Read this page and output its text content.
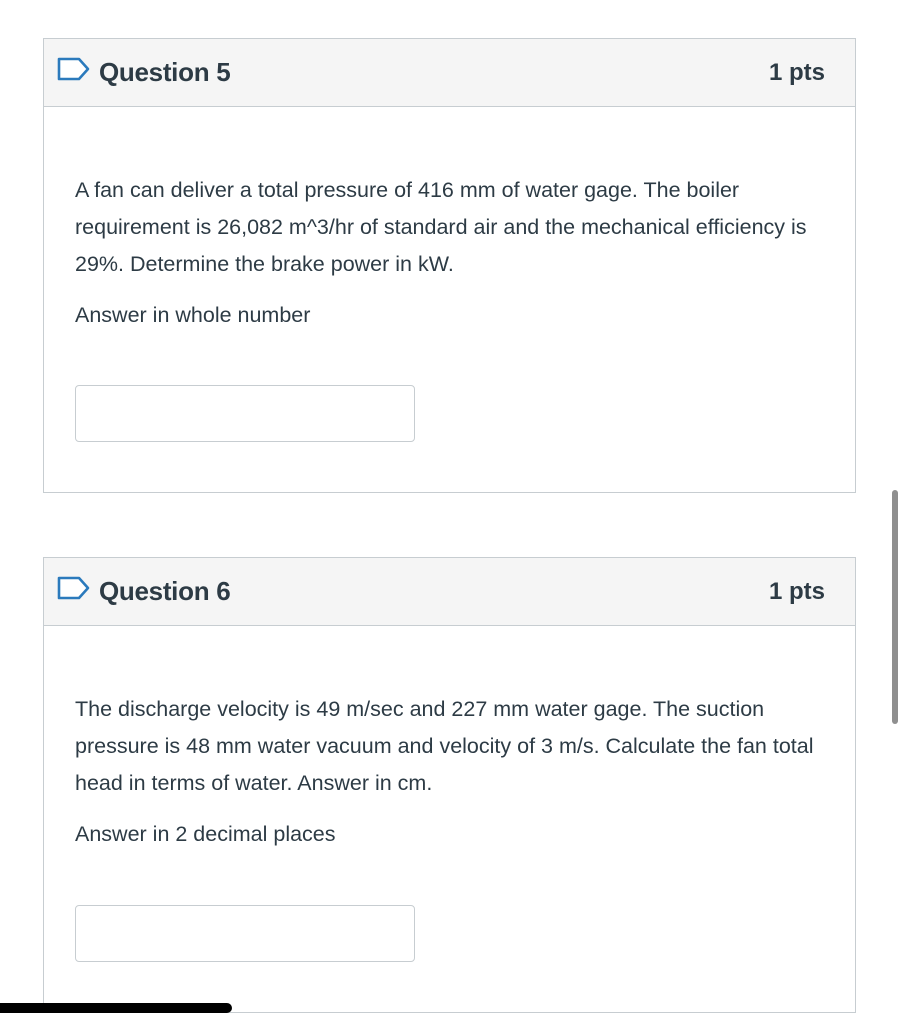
Question 5	1 pts

A fan can deliver a total pressure of 416 mm of water gage. The boiler requirement is 26,082 m^3/hr of standard air and the mechanical efficiency is 29%. Determine the brake power in kW.

Answer in whole number

Question 6	1 pts

The discharge velocity is 49 m/sec and 227 mm water gage. The suction pressure is 48 mm water vacuum and velocity of 3 m/s. Calculate the fan total head in terms of water. Answer in cm.

Answer in 2 decimal places
